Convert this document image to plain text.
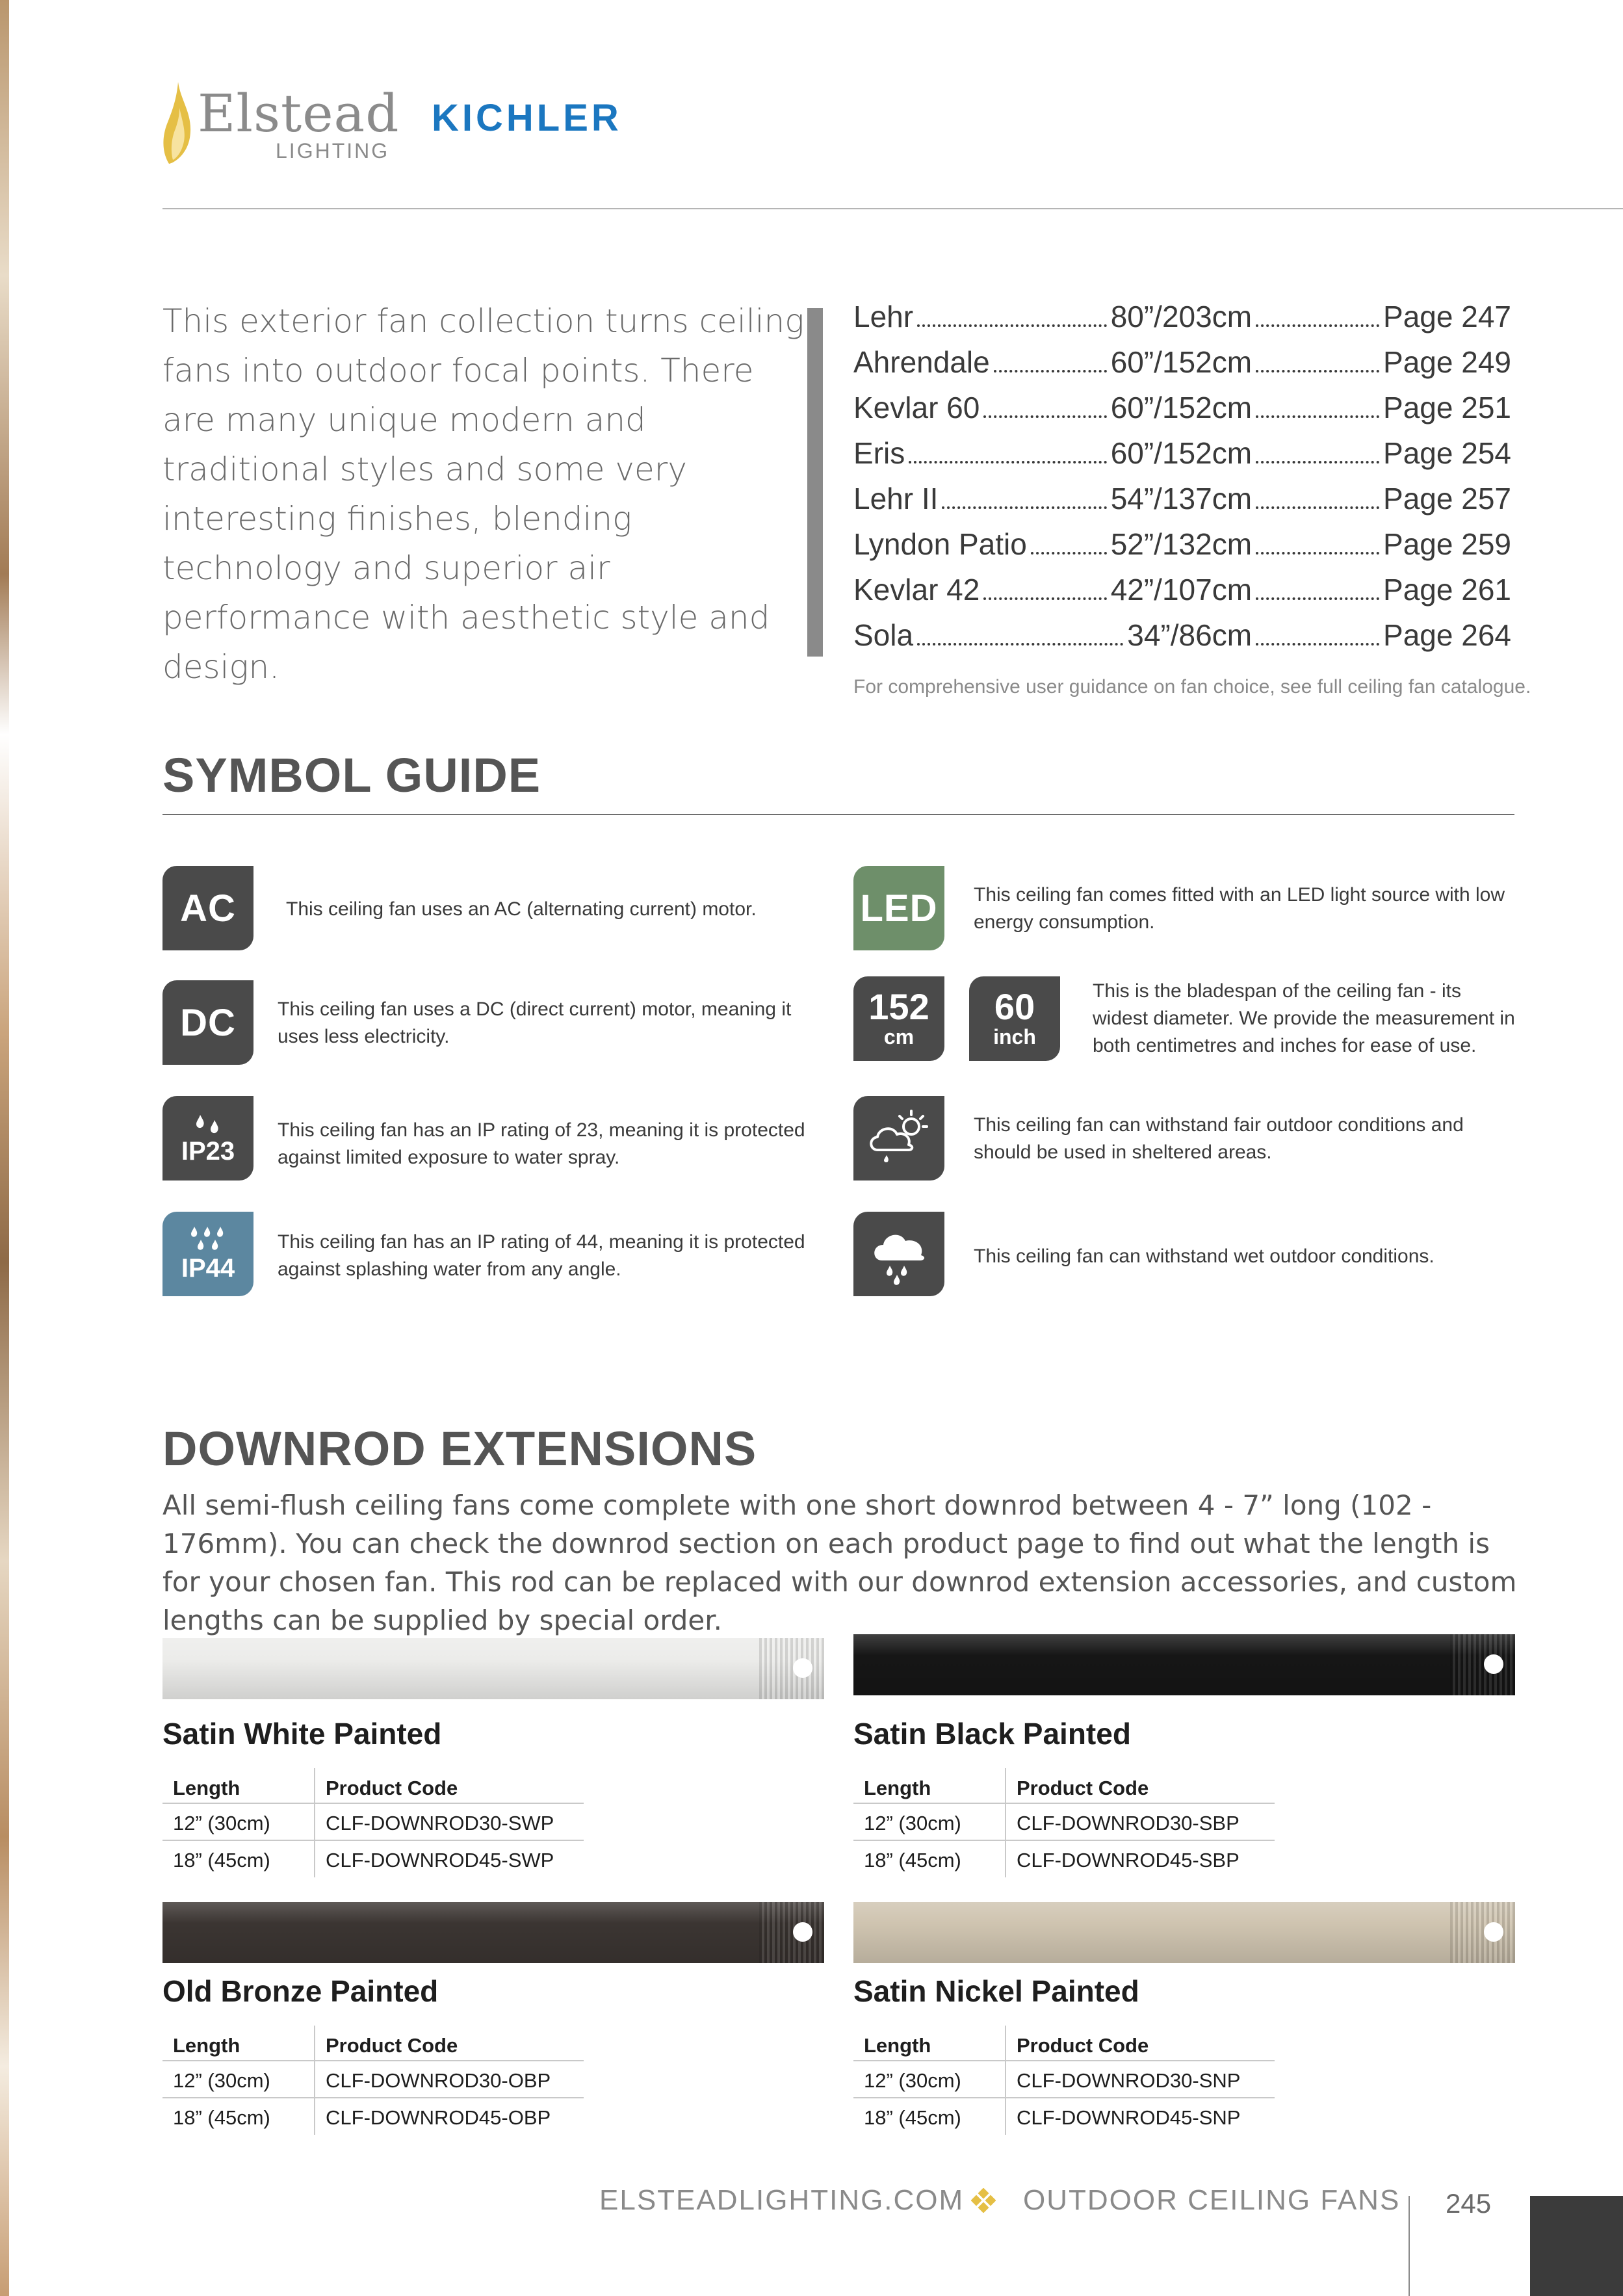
Elstead
LIGHTING
KICHLER

This exterior fan collection turns ceiling fans into outdoor focal points. There are many unique modern and traditional styles and some very interesting finishes, blending technology and superior air performance with aesthetic style and design.

Lehr	80”/203cm	Page 247
Ahrendale	60”/152cm	Page 249
Kevlar 60	60”/152cm	Page 251
Eris	60”/152cm	Page 254
Lehr II	54”/137cm	Page 257
Lyndon Patio	52”/132cm	Page 259
Kevlar 42	42”/107cm	Page 261
Sola	34”/86cm	Page 264
For comprehensive user guidance on fan choice, see full ceiling fan catalogue.
SYMBOL GUIDE
AC	This ceiling fan uses an AC (alternating current) motor.

DC	This ceiling fan uses a DC (direct current) motor, meaning it uses less electricity.

IP23

This ceiling fan has an IP rating of 23, meaning it is protected against limited exposure to water spray.

IP44

This ceiling fan has an IP rating of 44, meaning it is protected against splashing water from any angle.

LED	This ceiling fan comes fitted with an LED light source with low energy consumption.

152
cm
60
inch

This is the bladespan of the ceiling fan - its widest diameter. We provide the measurement in both centimetres and inches for ease of use.

This ceiling fan can withstand fair outdoor conditions and should be used in sheltered areas.

This ceiling fan can withstand wet outdoor conditions.

DOWNROD EXTENSIONS

All semi-flush ceiling fans come complete with one short downrod between 4 - 7” long (102 - 176mm). You can check the downrod section on each product page to find out what the length is for your chosen fan. This rod can be replaced with our downrod extension accessories, and custom lengths can be supplied by special order.

Satin White Painted
Length	Product Code
12” (30cm)	CLF-DOWNROD30-SWP
18” (45cm)	CLF-DOWNROD45-SWP
Satin Black Painted
Length	Product Code
12” (30cm)	CLF-DOWNROD30-SBP
18” (45cm)	CLF-DOWNROD45-SBP
Old Bronze Painted
Length	Product Code
12” (30cm)	CLF-DOWNROD30-OBP
18” (45cm)	CLF-DOWNROD45-OBP
Satin Nickel Painted
Length	Product Code
12” (30cm)	CLF-DOWNROD30-SNP
18” (45cm)	CLF-DOWNROD45-SNP
ELSTEADLIGHTING.COM OUTDOOR CEILING FANS 245
